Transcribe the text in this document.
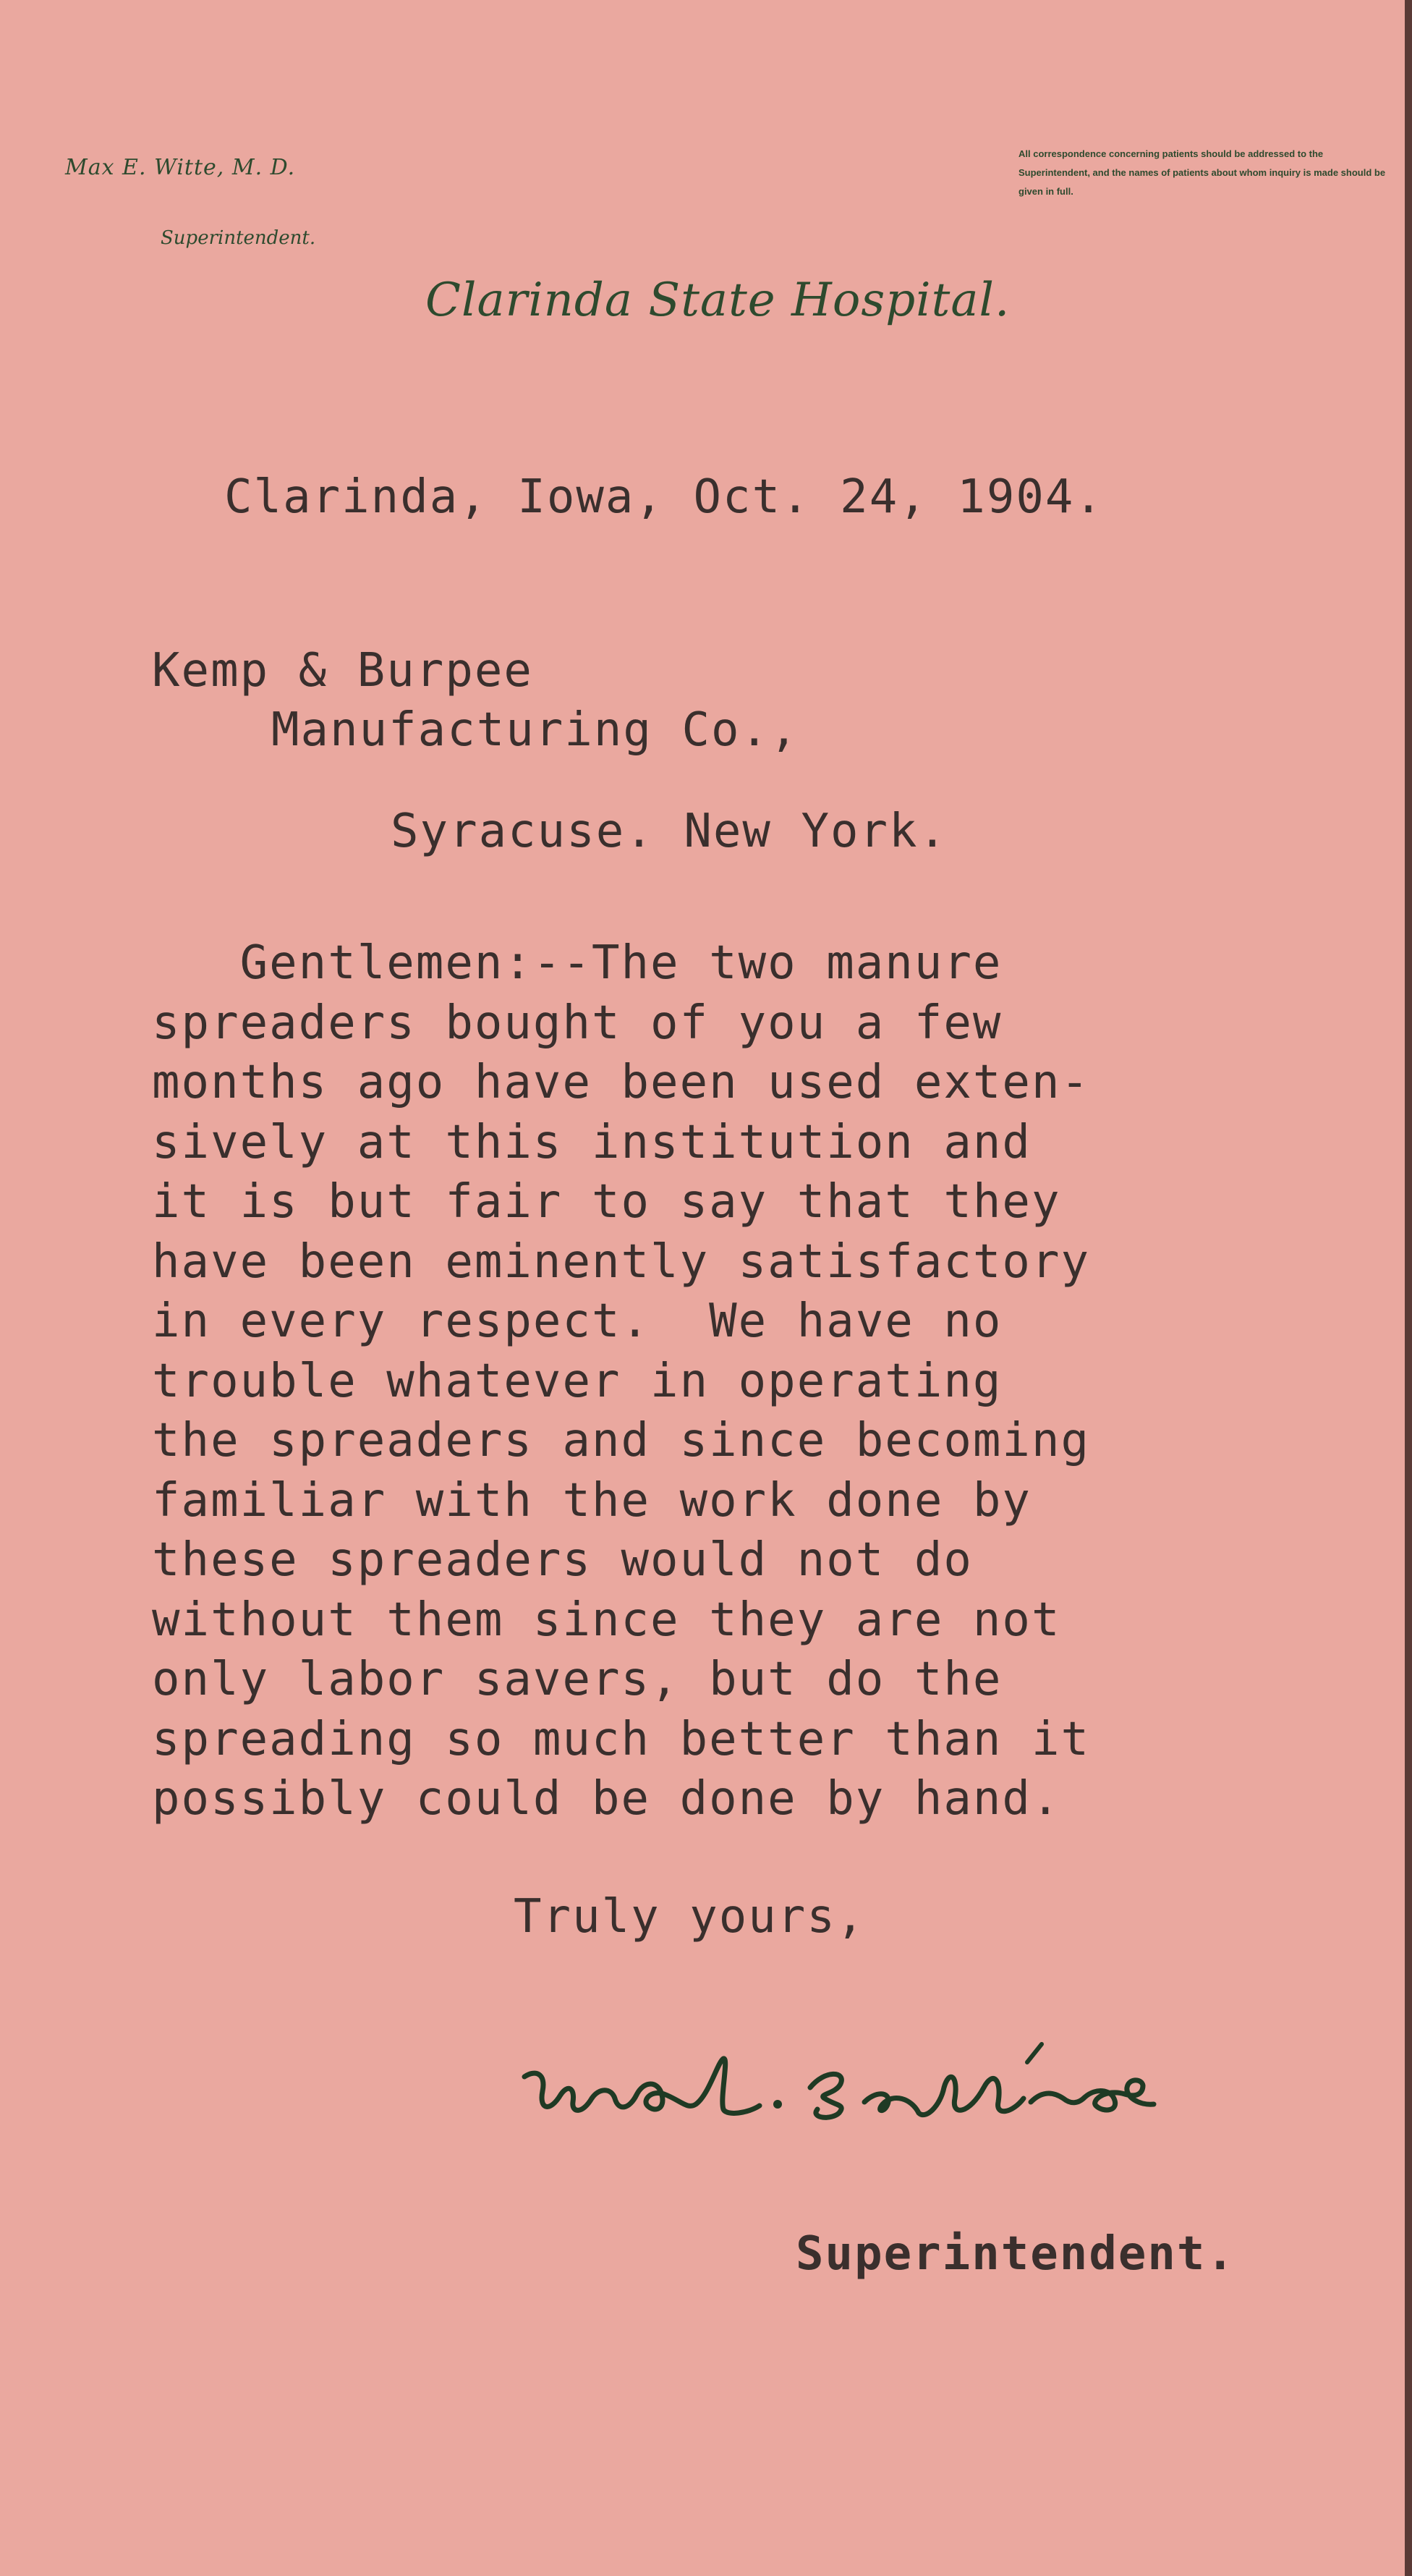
Max E. Witte, M. D.
Superintendent.
Clarinda State Hospital.
All correspondence concerning patients should be addressed to the Superintendent, and the names of patients about whom inquiry is made should be given in full.
Clarinda, Iowa, Oct. 24, 1904.
Kemp & Burpee
Manufacturing Co.,
Syracuse. New York.
Gentlemen:--The two manure
spreaders bought of you a few
months ago have been used exten-
sively at this institution and
it is but fair to say that they
have been eminently satisfactory
in every respect.  We have no
trouble whatever in operating
the spreaders and since becoming
familiar with the work done by
these spreaders would not do
without them since they are not
only labor savers, but do the
spreading so much better than it
possibly could be done by hand.
Truly yours,
Superintendent.
